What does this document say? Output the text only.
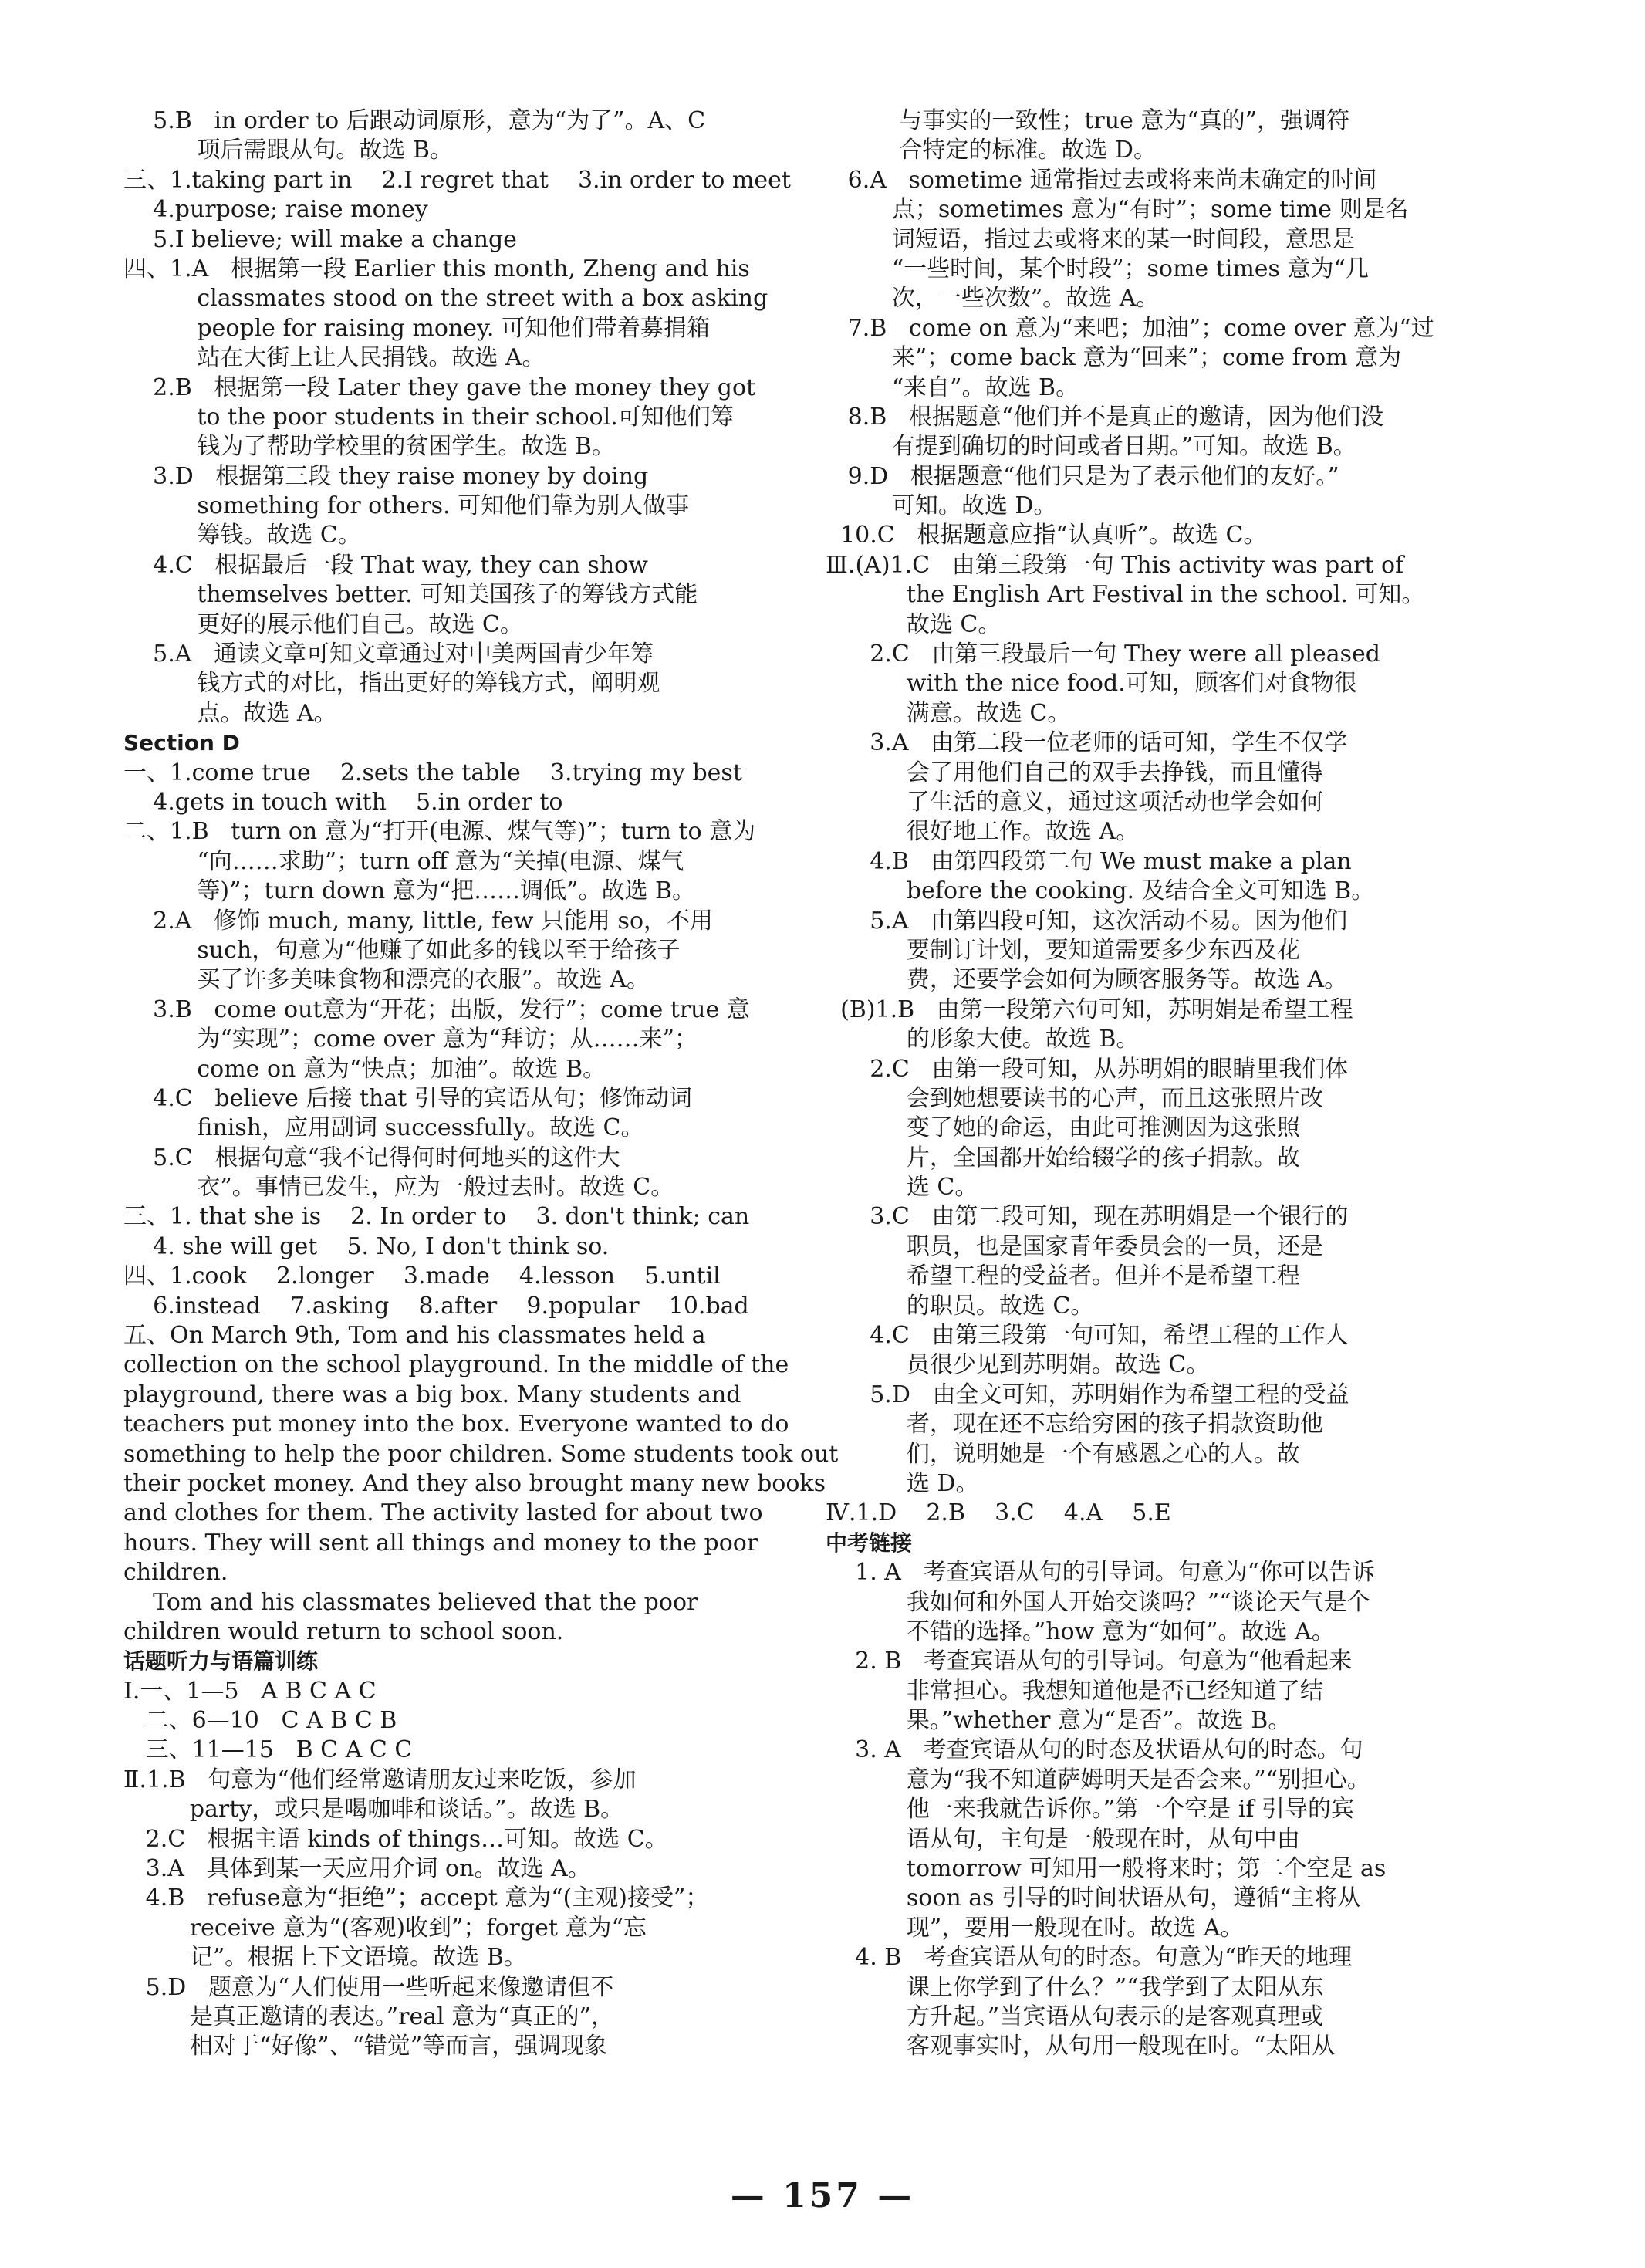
5.B   in order to 后跟动词原形，意为“为了”。A、C
项后需跟从句。故选 B。
三、1.taking part in    2.I regret that    3.in order to meet
4.purpose; raise money
5.I believe; will make a change
四、1.A   根据第一段 Earlier this month, Zheng and his
classmates stood on the street with a box asking
people for raising money. 可知他们带着募捐箱
站在大街上让人民捐钱。故选 A。
2.B   根据第一段 Later they gave the money they got
to the poor students in their school.可知他们筹
钱为了帮助学校里的贫困学生。故选 B。
3.D   根据第三段 they raise money by doing
something for others. 可知他们靠为别人做事
筹钱。故选 C。
4.C   根据最后一段 That way, they can show
themselves better. 可知美国孩子的筹钱方式能
更好的展示他们自己。故选 C。
5.A   通读文章可知文章通过对中美两国青少年筹
钱方式的对比，指出更好的筹钱方式，阐明观
点。故选 A。
Section D
一、1.come true    2.sets the table    3.trying my best
4.gets in touch with    5.in order to
二、1.B   turn on 意为“打开(电源、煤气等)”；turn to 意为
“向……求助”；turn off 意为“关掉(电源、煤气
等)”；turn down 意为“把……调低”。故选 B。
2.A   修饰 much, many, little, few 只能用 so，不用
such，句意为“他赚了如此多的钱以至于给孩子
买了许多美味食物和漂亮的衣服”。故选 A。
3.B   come out意为“开花；出版，发行”；come true 意
为“实现”；come over 意为“拜访；从……来”；
come on 意为“快点；加油”。故选 B。
4.C   believe 后接 that 引导的宾语从句；修饰动词
finish，应用副词 successfully。故选 C。
5.C   根据句意“我不记得何时何地买的这件大
衣”。事情已发生，应为一般过去时。故选 C。
三、1. that she is    2. In order to    3. don't think; can
4. she will get    5. No, I don't think so.
四、1.cook    2.longer    3.made    4.lesson    5.until
6.instead    7.asking    8.after    9.popular    10.bad
五、On March 9th, Tom and his classmates held a
collection on the school playground. In the middle of the
playground, there was a big box. Many students and
teachers put money into the box. Everyone wanted to do
something to help the poor children. Some students took out
their pocket money. And they also brought many new books
and clothes for them. The activity lasted for about two
hours. They will sent all things and money to the poor
children.
Tom and his classmates believed that the poor
children would return to school soon.
话题听力与语篇训练
Ⅰ.一、1—5   A B C A C
二、6—10   C A B C B
三、11—15   B C A C C
Ⅱ.1.B   句意为“他们经常邀请朋友过来吃饭，参加
party，或只是喝咖啡和谈话。”。故选 B。
2.C   根据主语 kinds of things…可知。故选 C。
3.A   具体到某一天应用介词 on。故选 A。
4.B   refuse意为“拒绝”；accept 意为“(主观)接受”；
receive 意为“(客观)收到”；forget 意为“忘
记”。根据上下文语境。故选 B。
5.D   题意为“人们使用一些听起来像邀请但不
是真正邀请的表达。”real 意为“真正的”，
相对于“好像”、“错觉”等而言，强调现象
与事实的一致性；true 意为“真的”，强调符
合特定的标准。故选 D。
6.A   sometime 通常指过去或将来尚未确定的时间
点；sometimes 意为“有时”；some time 则是名
词短语，指过去或将来的某一时间段，意思是
“一些时间，某个时段”；some times 意为“几
次，一些次数”。故选 A。
7.B   come on 意为“来吧；加油”；come over 意为“过
来”；come back 意为“回来”；come from 意为
“来自”。故选 B。
8.B   根据题意“他们并不是真正的邀请，因为他们没
有提到确切的时间或者日期。”可知。故选 B。
9.D   根据题意“他们只是为了表示他们的友好。”
可知。故选 D。
10.C   根据题意应指“认真听”。故选 C。
Ⅲ.(A)1.C   由第三段第一句 This activity was part of
the English Art Festival in the school. 可知。
故选 C。
2.C   由第三段最后一句 They were all pleased
with the nice food.可知，顾客们对食物很
满意。故选 C。
3.A   由第二段一位老师的话可知，学生不仅学
会了用他们自己的双手去挣钱，而且懂得
了生活的意义，通过这项活动也学会如何
很好地工作。故选 A。
4.B   由第四段第二句 We must make a plan
before the cooking. 及结合全文可知选 B。
5.A   由第四段可知，这次活动不易。因为他们
要制订计划，要知道需要多少东西及花
费，还要学会如何为顾客服务等。故选 A。
(B)1.B   由第一段第六句可知，苏明娟是希望工程
的形象大使。故选 B。
2.C   由第一段可知，从苏明娟的眼睛里我们体
会到她想要读书的心声，而且这张照片改
变了她的命运，由此可推测因为这张照
片，全国都开始给辍学的孩子捐款。故
选 C。
3.C   由第二段可知，现在苏明娟是一个银行的
职员，也是国家青年委员会的一员，还是
希望工程的受益者。但并不是希望工程
的职员。故选 C。
4.C   由第三段第一句可知，希望工程的工作人
员很少见到苏明娟。故选 C。
5.D   由全文可知，苏明娟作为希望工程的受益
者，现在还不忘给穷困的孩子捐款资助他
们，说明她是一个有感恩之心的人。故
选 D。
Ⅳ.1.D    2.B    3.C    4.A    5.E
中考链接
1. A   考查宾语从句的引导词。句意为“你可以告诉
我如何和外国人开始交谈吗？”“谈论天气是个
不错的选择。”how 意为“如何”。故选 A。
2. B   考查宾语从句的引导词。句意为“他看起来
非常担心。我想知道他是否已经知道了结
果。”whether 意为“是否”。故选 B。
3. A   考查宾语从句的时态及状语从句的时态。句
意为“我不知道萨姆明天是否会来。”“别担心。
他一来我就告诉你。”第一个空是 if 引导的宾
语从句，主句是一般现在时，从句中由
tomorrow 可知用一般将来时；第二个空是 as
soon as 引导的时间状语从句，遵循“主将从
现”，要用一般现在时。故选 A。
4. B   考查宾语从句的时态。句意为“昨天的地理
课上你学到了什么？”“我学到了太阳从东
方升起。”当宾语从句表示的是客观真理或
客观事实时，从句用一般现在时。“太阳从
— 157 —
